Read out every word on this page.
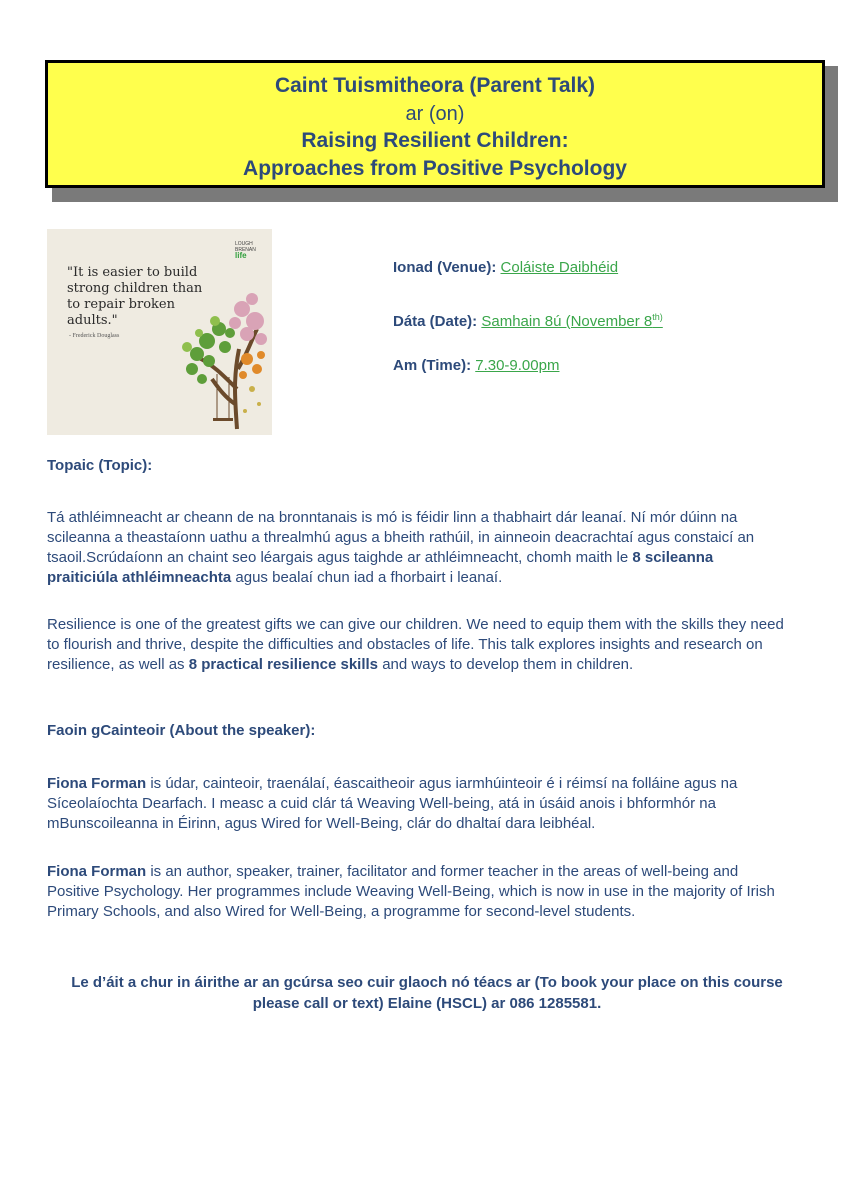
Caint Tuismitheora (Parent Talk)
ar (on)
Raising Resilient Children:
Approaches from Positive Psychology
LOUGH BRENAN
life
"It is easier to build strong children than to repair broken adults."
- Frederick Douglass
Ionad (Venue): Coláiste Daibhéid
Dáta (Date): Samhain 8ú (November $8^{th)}$
Am (Time): 7.30-9.00pm
Topaic (Topic):
Tá athléimneacht ar cheann de na bronntanais is mó is féidir linn a thabhairt dár leanaí. Ní mór dúinn na scileanna a theastaíonn uathu a threalmhú agus a bheith rathúil, in ainneoin deacrachtaí agus constaicí an tsaoil.Scrúdaíonn an chaint seo léargais agus taighde ar athléimneacht, chomh maith le 8 scileanna praiticiúla athléimneachta agus bealaí chun iad a fhorbairt i leanaí.
Resilience is one of the greatest gifts we can give our children. We need to equip them with the skills they need to flourish and thrive, despite the difficulties and obstacles of life. This talk explores insights and research on resilience, as well as 8 practical resilience skills and ways to develop them in children.
Faoin gCainteoir (About the speaker):
Fiona Forman is údar, cainteoir, traenálaí, éascaitheoir agus iarmhúinteoir é i réimsí na folláine agus na Síceolaíochta Dearfach. I measc a cuid clár tá Weaving Well-being, atá in úsáid anois i bhformhór na mBunscoileanna in Éirinn, agus Wired for Well-Being, clár do dhaltaí dara leibhéal.
Fiona Forman is an author, speaker, trainer, facilitator and former teacher in the areas of well-being and Positive Psychology. Her programmes include Weaving Well-Being, which is now in use in the majority of Irish Primary Schools, and also Wired for Well-Being, a programme for second-level students.
Le d’áit a chur in áirithe ar an gcúrsa seo cuir glaoch nó téacs ar (To book your place on this course please call or text) Elaine (HSCL) ar 086 1285581.
